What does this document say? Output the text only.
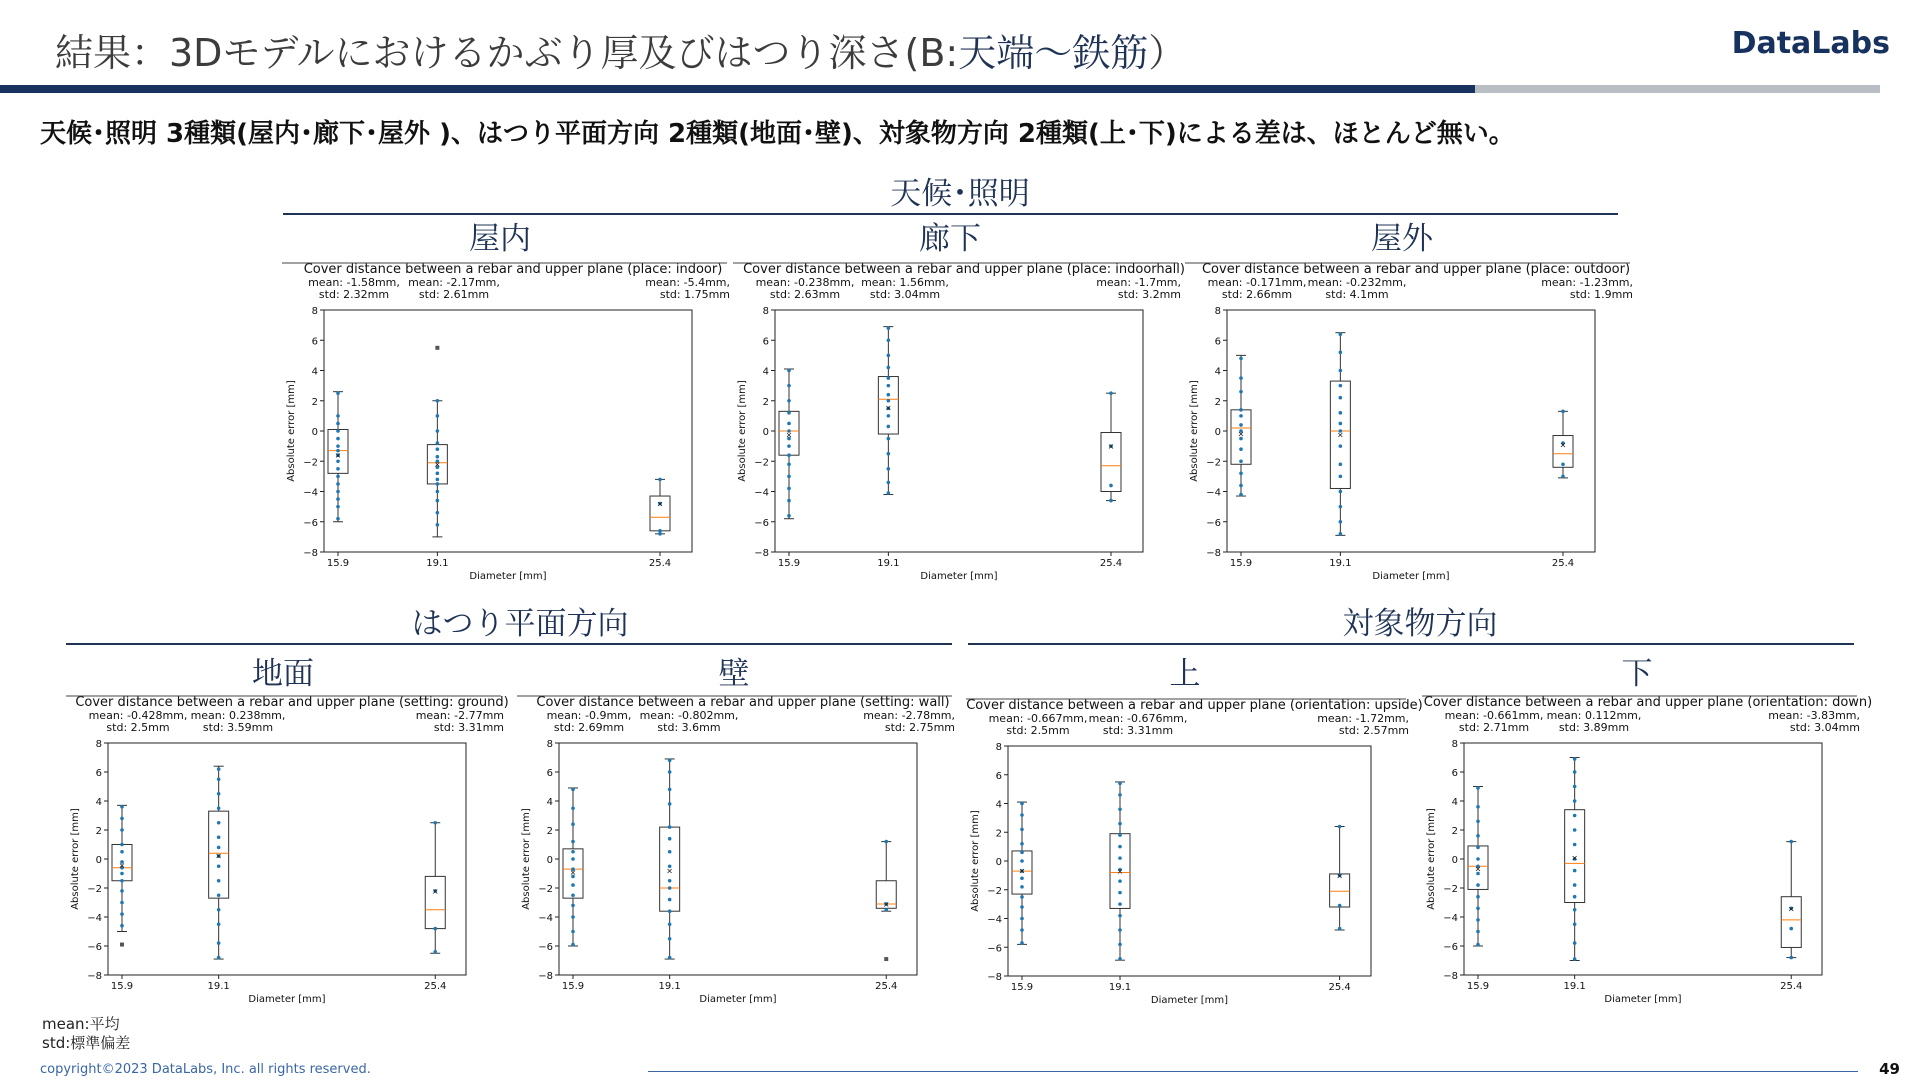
結果：3Dモデルにおけるかぶり厚及びはつり深さ(B:天端～鉄筋）	DataLabs
天候･照明 3種類(屋内･廊下･屋外 )、はつり平面方向 2種類(地面･壁)、対象物方向 2種類(上･下)による差は、ほとんど無い。
天候･照明
はつり平面方向	対象物方向
屋内	廊下	屋外
地面	壁	上	下
Cover distance between a rebar and upper plane (place: indoor)
mean: -1.58mm,
std: 2.32mm
mean: -2.17mm,
std: 2.61mm
mean: -5.4mm,
std: 1.75mm
−8
−6
−4
−2
0
2
4
6
8
Absolute error [mm]
15.9	19.1	25.4
Diameter [mm]
×
×
×
Cover distance between a rebar and upper plane (place: indoorhall)
mean: -0.238mm,
std: 2.63mm
mean: 1.56mm,
std: 3.04mm
mean: -1.7mm,
std: 3.2mm
−8
−6
−4
−2
0
2
4
6
8
Absolute error [mm]
15.9	19.1	25.4
Diameter [mm]
×
×
×
Cover distance between a rebar and upper plane (place: outdoor)
mean: -0.171mm,
std: 2.66mm
mean: -0.232mm,
std: 4.1mm
mean: -1.23mm,
std: 1.9mm
−8
−6
−4
−2
0
2
4
6
8
Absolute error [mm]
15.9	19.1	25.4
Diameter [mm]
×	×
×
Cover distance between a rebar and upper plane (setting: ground)
mean: -0.428mm,
std: 2.5mm
mean: 0.238mm,
std: 3.59mm
mean: -2.77mm
std: 3.31mm
−8
−6
−4
−2
0
2
4
6
8
Absolute error [mm]
15.9	19.1	25.4
Diameter [mm]
×
×
×
Cover distance between a rebar and upper plane (setting: wall)
mean: -0.9mm,
std: 2.69mm
mean: -0.802mm,
std: 3.6mm
mean: -2.78mm,
std: 2.75mm
−8
−6
−4
−2
0
2
4
6
8
Absolute error [mm]
15.9	19.1	25.4
Diameter [mm]
×	×
×
Cover distance between a rebar and upper plane (orientation: upside)
mean: -0.667mm,
std: 2.5mm
mean: -0.676mm,
std: 3.31mm
mean: -1.72mm,
std: 2.57mm
−8
−6
−4
−2
0
2
4
6
8
Absolute error [mm]
15.9	19.1	25.4
Diameter [mm]
×	×
×
Cover distance between a rebar and upper plane (orientation: down)
mean: -0.661mm,
std: 2.71mm
mean: 0.112mm,
std: 3.89mm
mean: -3.83mm,
std: 3.04mm
−8
−6
−4
−2
0
2
4
6
8
Absolute error [mm]
15.9	19.1	25.4
Diameter [mm]
×
×
×
mean:平均
std:標準偏差
copyright©2023 DataLabs, Inc. all rights reserved.	49
